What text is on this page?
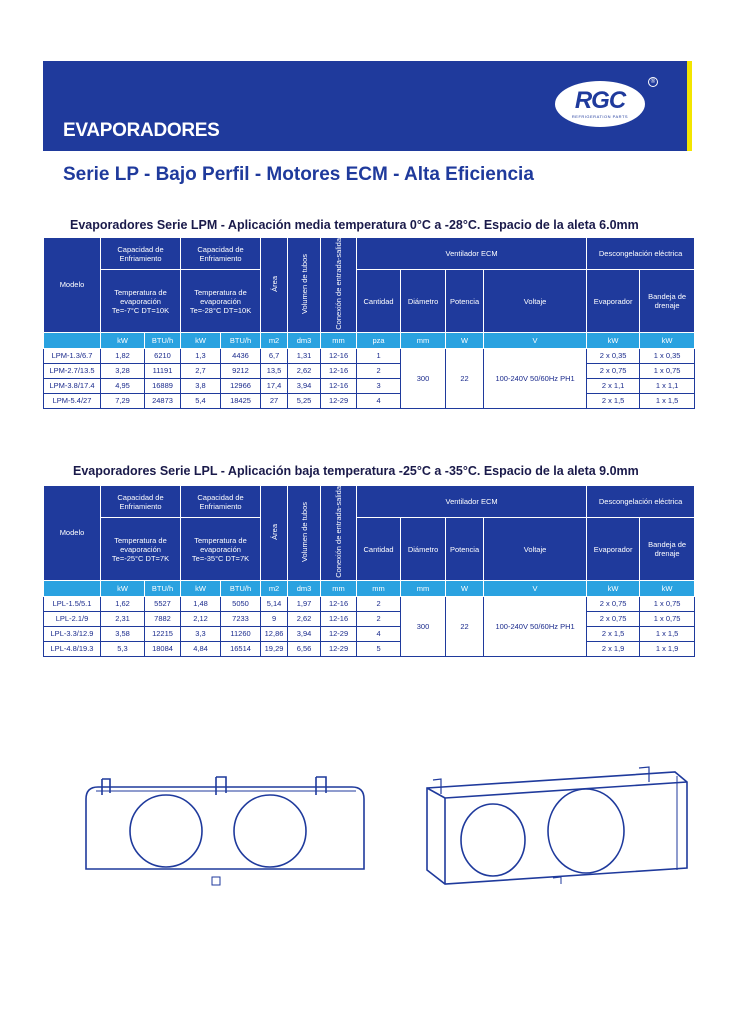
EVAPORADORES
RGC
REFRIGERATION PARTS
®
Serie LP - Bajo Perfil - Motores ECM - Alta Eficiencia
Evaporadores Serie LPM - Aplicación media temperatura 0°C a -28°C. Espacio de la aleta 6.0mm
Modelo	Capacidad de Enfriamiento		Capacidad de Enfriamiento		Área	Volumen de tubos	Conexión de entrada-salida	Ventilador ECM				Descongelación eléctrica	
	Temperatura de evaporación Te=-7°C DT=10K		Temperatura de evaporación Te=-28°C DT=10K					Cantidad	Diámetro	Potencia	Voltaje	Evaporador	Bandeja de drenaje
	kW	BTU/h	kW	BTU/h	m2	dm3	mm	pza	mm	W	V	kW	kW
LPM-1.3/6.7	1,82	6210	1,3	4436	6,7	1,31	12-16	1	300	22	100-240V 50/60Hz PH1	2 x 0,35	1 x 0,35
LPM-2.7/13.5	3,28	11191	2,7	9212	13,5	2,62	12-16	2				2 x 0,75	1 x 0,75
LPM-3.8/17.4	4,95	16889	3,8	12966	17,4	3,94	12-16	3				2 x 1,1	1 x 1,1
LPM-5.4/27	7,29	24873	5,4	18425	27	5,25	12-29	4				2 x 1,5	1 x 1,5
Evaporadores Serie LPL - Aplicación baja temperatura -25°C a -35°C. Espacio de la aleta 9.0mm
Modelo	Capacidad de Enfriamiento		Capacidad de Enfriamiento		Área	Volumen de tubos	Conexión de entrada-salida	Ventilador ECM				Descongelación eléctrica	
	Temperatura de evaporación Te=-25°C DT=7K		Temperatura de evaporación Te=-35°C DT=7K					Cantidad	Diámetro	Potencia	Voltaje	Evaporador	Bandeja de drenaje
	kW	BTU/h	kW	BTU/h	m2	dm3	mm	mm	mm	W	V	kW	kW
LPL-1.5/5.1	1,62	5527	1,48	5050	5,14	1,97	12-16	2	300	22	100-240V 50/60Hz PH1	2 x 0,75	1 x 0,75
LPL-2.1/9	2,31	7882	2,12	7233	9	2,62	12-16	2				2 x 0,75	1 x 0,75
LPL-3.3/12.9	3,58	12215	3,3	11260	12,86	3,94	12-29	4				2 x 1,5	1 x 1,5
LPL-4.8/19.3	5,3	18084	4,84	16514	19,29	6,56	12-29	5				2 x 1,9	1 x 1,9
